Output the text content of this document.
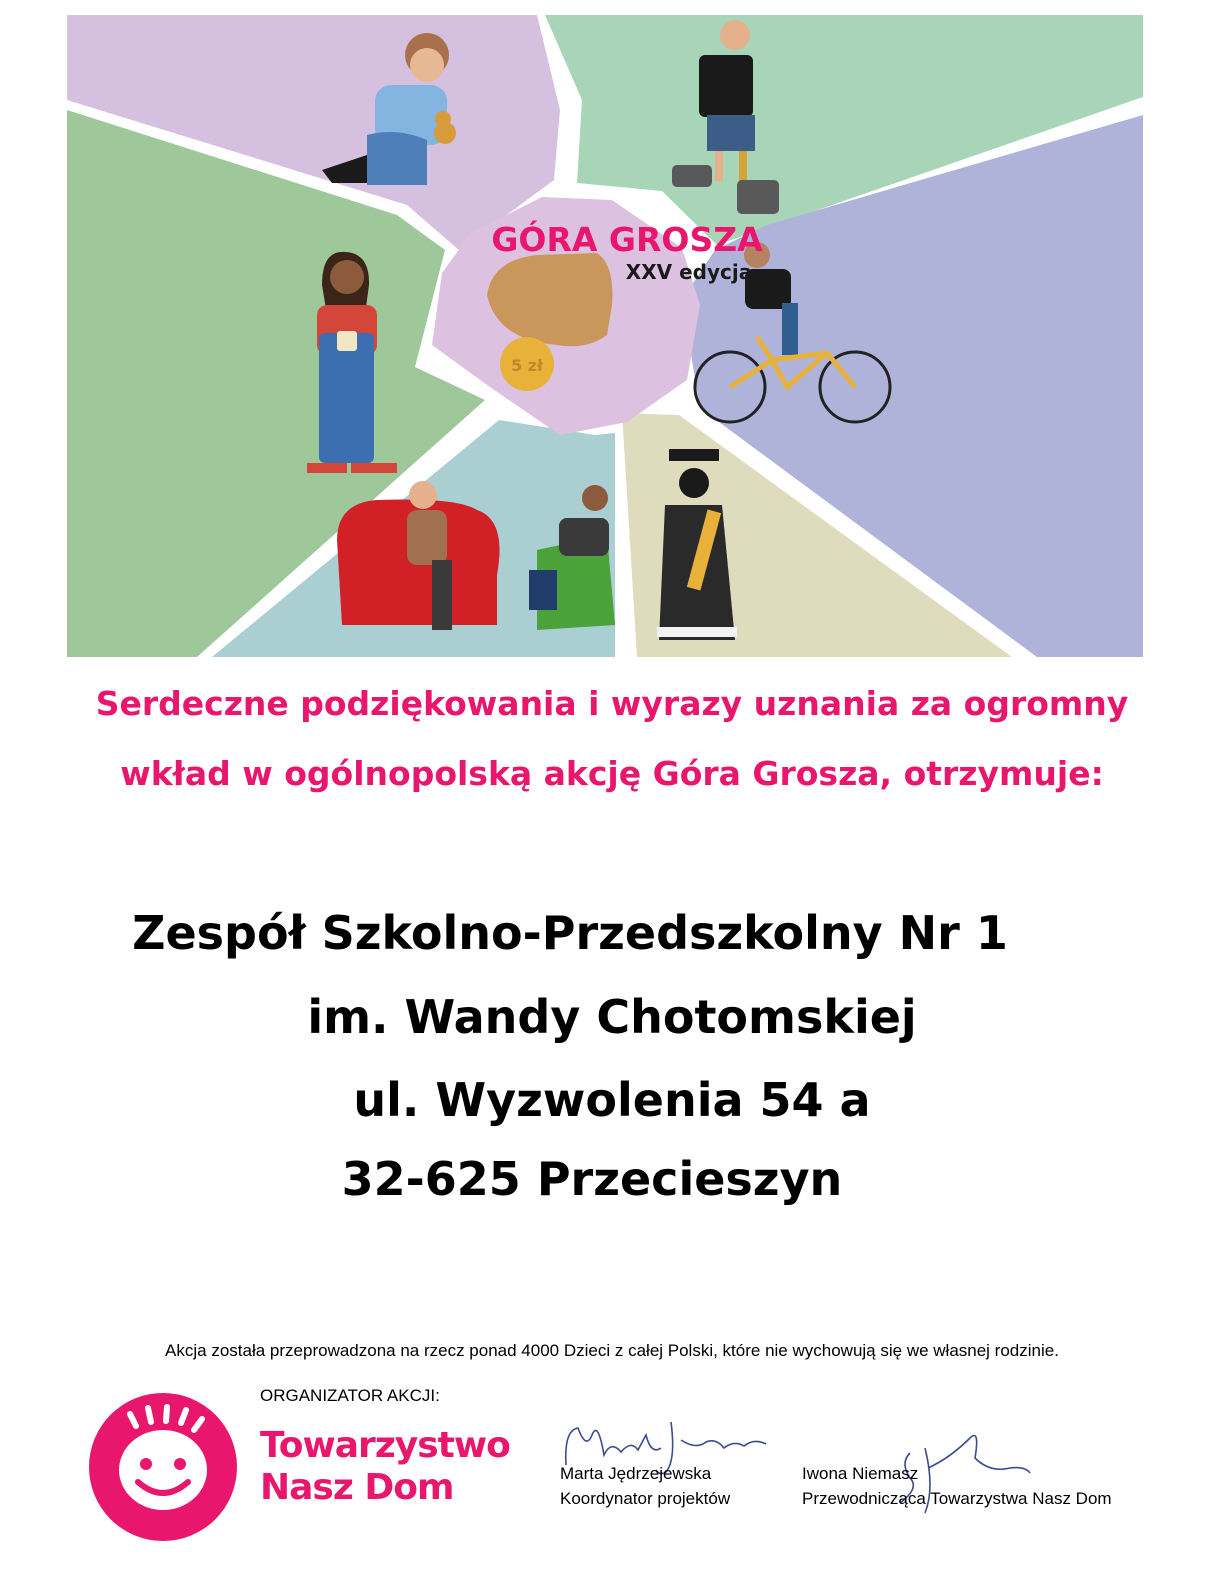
5 zł
GÓRA GROSZA
XXV edycja
Serdeczne podziękowania i wyrazy uznania za ogromny
wkład w ogólnopolską akcję Góra Grosza, otrzymuje:
Zespół Szkolno-Przedszkolny Nr 1
im. Wandy Chotomskiej
ul. Wyzwolenia 54 a
32-625 Przecieszyn
Akcja została przeprowadzona na rzecz ponad 4000 Dzieci z całej Polski, które nie wychowują się we własnej rodzinie.
ORGANIZATOR AKCJI:
Towarzystwo
Nasz Dom	Marta Jędrzejewska
Koordynator projektów
Iwona Niemasz
Przewodnicząca Towarzystwa Nasz Dom
